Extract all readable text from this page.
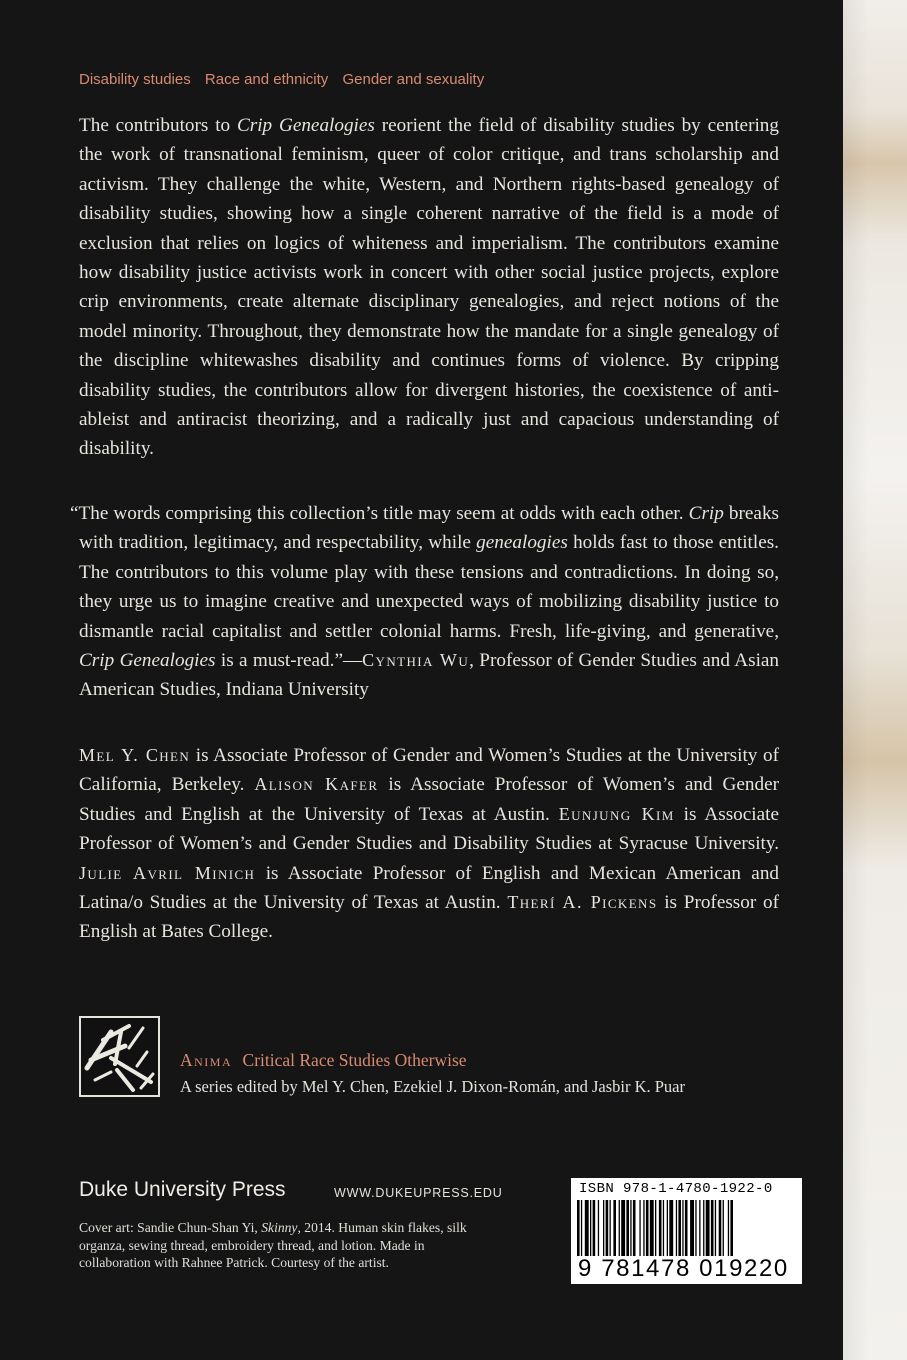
Disability studies Race and ethnicity Gender and sexuality

The contributors to Crip Genealogies reorient the field of disability studies by centering the work of transnational feminism, queer of color critique, and trans scholarship and activism. They challenge the white, Western, and Northern rights-based genealogy of disability studies, showing how a single coherent narrative of the field is a mode of exclusion that relies on logics of whiteness and imperialism. The contributors examine how disability justice activists work in concert with other social justice projects, explore crip environments, create alternate disciplinary genealogies, and reject notions of the model minority. Throughout, they demonstrate how the mandate for a single genealogy of the discipline whitewashes disability and continues forms of violence. By cripping disability studies, the contributors allow for divergent histories, the coexistence of anti-ableist and antiracist theorizing, and a radically just and capacious understanding of disability.

“The words comprising this collection’s title may seem at odds with each other. Crip breaks with tradition, legitimacy, and respectability, while genealogies holds fast to those entitles. The contributors to this volume play with these tensions and contradictions. In doing so, they urge us to imagine creative and unexpected ways of mobilizing disability justice to dismantle racial capitalist and settler colonial harms. Fresh, life-giving, and generative, Crip Genealogies is a must-read.”—Cynthia Wu, Professor of Gender Studies and Asian American Studies, Indiana University

Mel Y. Chen is Associate Professor of Gender and Women’s Studies at the University of California, Berkeley. Alison Kafer is Associate Professor of Women’s and Gender Studies and English at the University of Texas at Austin. Eunjung Kim is Associate Professor of Women’s and Gender Studies and Disability Studies at Syracuse University. Julie Avril Minich is Associate Professor of English and Mexican American and Latina/o Studies at the University of Texas at Austin. Therí A. Pickens is Professor of English at Bates College.

Anima Critical Race Studies Otherwise
A series edited by Mel Y. Chen, Ezekiel J. Dixon-Román, and Jasbir K. Puar
Duke University Press	WWW.DUKEUPRESS.EDU

Cover art: Sandie Chun-Shan Yi, Skinny, 2014. Human skin flakes, silk organza, sewing thread, embroidery thread, and lotion. Made in collaboration with Rahnee Patrick. Courtesy of the artist.

ISBN 978-1-4780-1922-0
9 781478 019220
